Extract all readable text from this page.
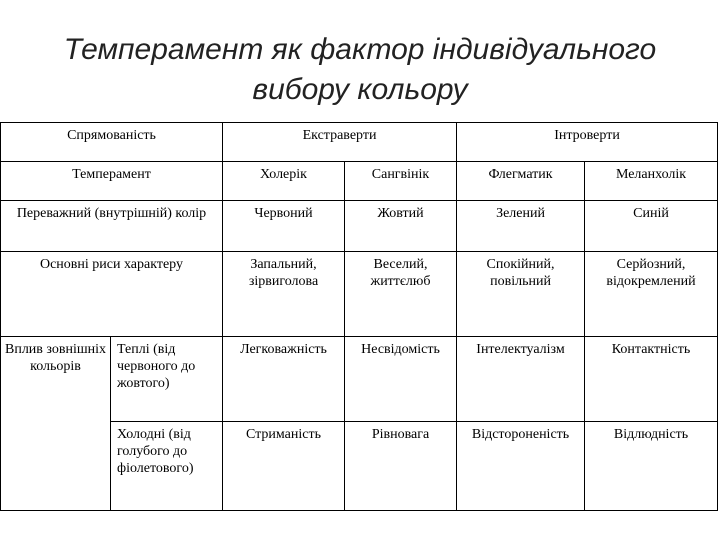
Темперамент як фактор індивідуального
вибору кольору
Спрямованість		Екстраверти		Інтроверти	
Темперамент		Холерік	Сангвінік	Флегматик	Меланхолік
Переважний (внутрішній) колір		Червоний	Жовтий	Зелений	Синій
Основні риси характеру		Запальний, зірвиголова	Веселий, життєлюб	Спокійний, повільний	Серйозний, відокремлений
Вплив зовнішніх кольорів	Теплі (від червоного до жовтого)	Легковажність	Несвідомість	Інтелектуалізм	Контактність
	Холодні (від голубого до фіолетового)	Стриманість	Рівновага	Відстороненість	Відлюдність
